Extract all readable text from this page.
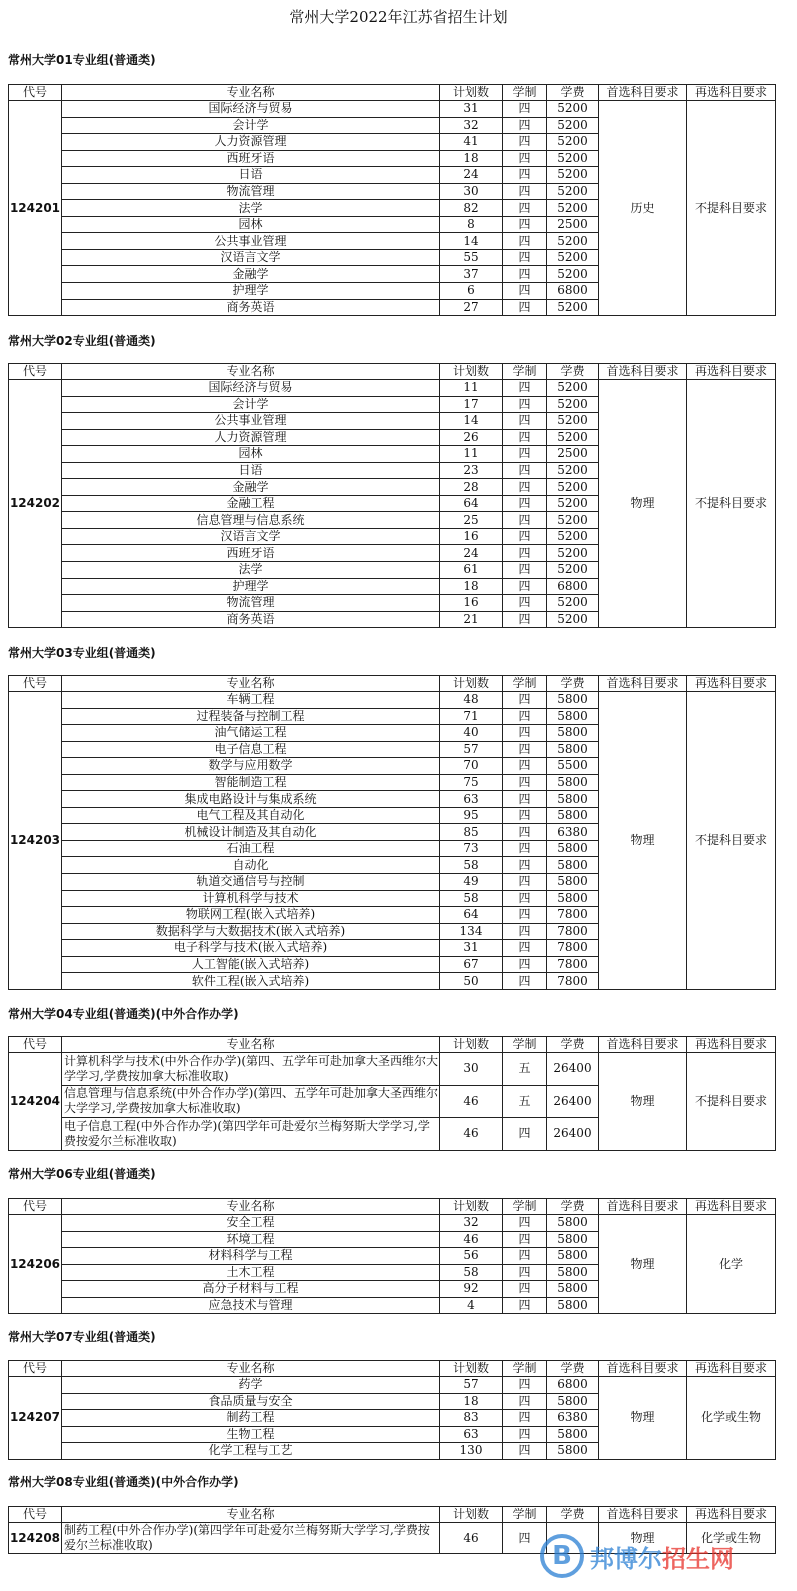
常州大学2022年江苏省招生计划
常州大学01专业组(普通类)
代号	专业名称	计划数	学制	学费	首选科目要求	再选科目要求
124201	国际经济与贸易	31	四	5200	历史	不提科目要求
	会计学	32	四	5200		
	人力资源管理	41	四	5200		
	西班牙语	18	四	5200		
	日语	24	四	5200		
	物流管理	30	四	5200		
	法学	82	四	5200		
	园林	8	四	2500		
	公共事业管理	14	四	5200		
	汉语言文学	55	四	5200		
	金融学	37	四	5200		
	护理学	6	四	6800		
	商务英语	27	四	5200		
常州大学02专业组(普通类)
代号	专业名称	计划数	学制	学费	首选科目要求	再选科目要求
124202	国际经济与贸易	11	四	5200	物理	不提科目要求
	会计学	17	四	5200		
	公共事业管理	14	四	5200		
	人力资源管理	26	四	5200		
	园林	11	四	2500		
	日语	23	四	5200		
	金融学	28	四	5200		
	金融工程	64	四	5200		
	信息管理与信息系统	25	四	5200		
	汉语言文学	16	四	5200		
	西班牙语	24	四	5200		
	法学	61	四	5200		
	护理学	18	四	6800		
	物流管理	16	四	5200		
	商务英语	21	四	5200		
常州大学03专业组(普通类)
代号	专业名称	计划数	学制	学费	首选科目要求	再选科目要求
124203	车辆工程	48	四	5800	物理	不提科目要求
	过程装备与控制工程	71	四	5800		
	油气储运工程	40	四	5800		
	电子信息工程	57	四	5800		
	数学与应用数学	70	四	5500		
	智能制造工程	75	四	5800		
	集成电路设计与集成系统	63	四	5800		
	电气工程及其自动化	95	四	5800		
	机械设计制造及其自动化	85	四	6380		
	石油工程	73	四	5800		
	自动化	58	四	5800		
	轨道交通信号与控制	49	四	5800		
	计算机科学与技术	58	四	5800		
	物联网工程(嵌入式培养)	64	四	7800		
	数据科学与大数据技术(嵌入式培养)	134	四	7800		
	电子科学与技术(嵌入式培养)	31	四	7800		
	人工智能(嵌入式培养)	67	四	7800		
	软件工程(嵌入式培养)	50	四	7800		
常州大学04专业组(普通类)(中外合作办学)
代号	专业名称	计划数	学制	学费	首选科目要求	再选科目要求
124204	计算机科学与技术(中外合作办学)(第四、五学年可赴加拿大圣西维尔大学学习,学费按加拿大标准收取)	30	五	26400	物理	不提科目要求
	信息管理与信息系统(中外合作办学)(第四、五学年可赴加拿大圣西维尔大学学习,学费按加拿大标准收取)	46	五	26400		
	电子信息工程(中外合作办学)(第四学年可赴爱尔兰梅努斯大学学习,学费按爱尔兰标准收取)	46	四	26400		
常州大学06专业组(普通类)
代号	专业名称	计划数	学制	学费	首选科目要求	再选科目要求
124206	安全工程	32	四	5800	物理	化学
	环境工程	46	四	5800		
	材料科学与工程	56	四	5800		
	土木工程	58	四	5800		
	高分子材料与工程	92	四	5800		
	应急技术与管理	4	四	5800		
常州大学07专业组(普通类)
代号	专业名称	计划数	学制	学费	首选科目要求	再选科目要求
124207	药学	57	四	6800	物理	化学或生物
	食品质量与安全	18	四	5800		
	制药工程	83	四	6380		
	生物工程	63	四	5800		
	化学工程与工艺	130	四	5800		
常州大学08专业组(普通类)(中外合作办学)
代号	专业名称	计划数	学制	学费	首选科目要求	再选科目要求
124208	制药工程(中外合作办学)(第四学年可赴爱尔兰梅努斯大学学习,学费按爱尔兰标准收取)	46	四		物理	化学或生物
B 邦博尔招生网
